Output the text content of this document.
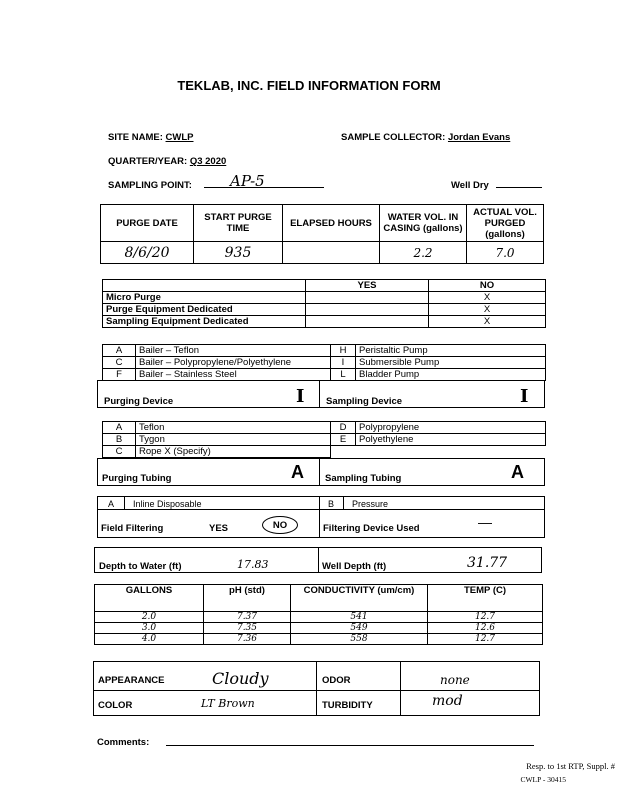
TEKLAB, INC. FIELD INFORMATION FORM
SITE NAME: CWLP	SAMPLE COLLECTOR: Jordan Evans
QUARTER/YEAR: Q3 2020
SAMPLING POINT:	AP-5	Well Dry
PURGE DATE	START PURGE TIME	ELAPSED HOURS	WATER VOL. IN CASING (gallons)	ACTUAL VOL. PURGED (gallons)
8/6/20	935		2.2	7.0
	YES	NO
Micro Purge		X
Purge Equipment Dedicated		X
Sampling Equipment Dedicated		X
A	Bailer – Teflon	H	Peristaltic Pump
C	Bailer – Polypropylene/Polyethylene	I	Submersible Pump
F	Bailer – Stainless Steel	L	Bladder Pump
Purging Device	I Sampling Device	I
A	Teflon	D	Polypropylene
B	Tygon	E	Polyethylene
C	Rope X (Specify)		
Purging Tubing	A Sampling Tubing	A
A Inline Disposable	B Pressure
Field Filtering	YES	NO	Filtering Device Used	—
Depth to Water (ft)	17.83	Well Depth (ft)	31.77
GALLONS	pH (std)	CONDUCTIVITY (um/cm)	TEMP (C)
2.0	7.37	541	12.7
3.0	7.35	549	12.6
4.0	7.36	558	12.7
APPEARANCE	Cloudy	ODOR	none
COLOR	LT Brown	TURBIDITY	mod
Comments:
Resp. to 1st RTP, Suppl. #
CWLP - 30415
